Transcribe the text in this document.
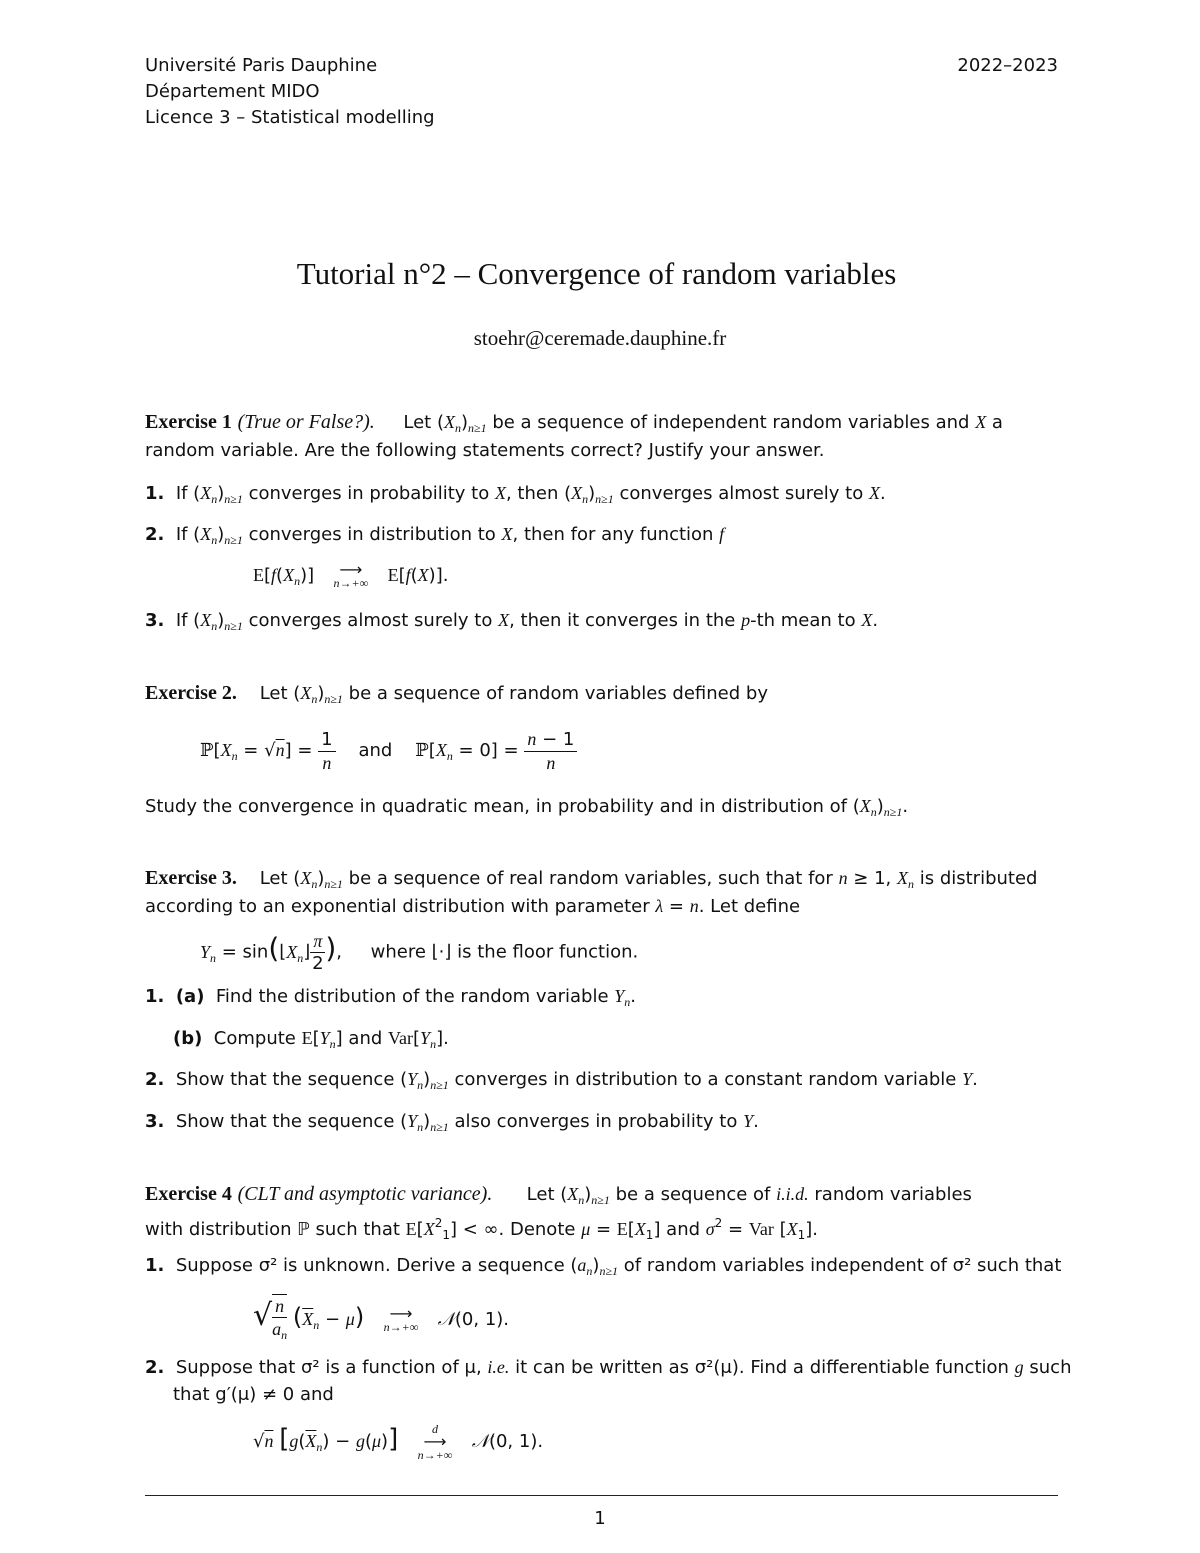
Université Paris Dauphine
Département MIDO
Licence 3 – Statistical modelling
2022–2023
Tutorial n°2 – Convergence of random variables
stoehr@ceremade.dauphine.fr
Exercise 1 (True or False?).     Let $(X_n)_{n\ge 1}$ be a sequence of independent random variables and X a
random variable. Are the following statements correct? Justify your answer.
1.  If $(X_n)_{n\ge 1}$ converges in probability to X, then $(X_n)_{n\ge 1}$ converges almost surely to X.
2.  If $(X_n)_{n\ge 1}$ converges in distribution to X, then for any function f
$E[f(X_n)]$	⟶
n→+∞	E[f(X)].
3.  If $(X_n)_{n\ge 1}$ converges almost surely to X, then it converges in the p-th mean to X.
Exercise 2.    Let $(X_n)_{n\ge 1}$ be a sequence of random variables defined by
$ℙ[X_n = √n] = \frac{1}{n}$ and $ℙ[X_n = 0] = \frac{n - 1}{n}$
Study the convergence in quadratic mean, in probability and in distribution of $(X_n)_{n\ge 1}$.
Exercise 3.    Let $(X_n)_{n\ge 1}$ be a sequence of real random variables, such that for n ≥ 1, $X_n$ is distributed
according to an exponential distribution with parameter λ = n. Let define
$Y_n$ = $\sin(⌊X_n⌋ \frac{\pi}{2}$ ),     where ⌊·⌋ is the floor function.
1. (a) Find the distribution of the random variable $Y_n$.
(b) Compute $E[Y_n]$ and $Var[Y_n]$.
2. Show that the sequence $(Y_n)_{n\ge 1}$ converges in distribution to a constant random variable Y.
3. Show that the sequence $(Y_n)_{n\ge 1}$ also converges in probability to Y.
Exercise 4 (CLT and asymptotic variance).      Let $(X_n)_{n\ge 1}$ be a sequence of i.i.d. random variables
with distribution ℙ such that $E[X^2_1]$ < ∞. Denote $\mu = E[X_1]$ and $\sigma^2$ = Var $[X_1]$.
1. Suppose σ² is unknown. Derive a sequence $(a_n)_{n\ge 1}$ of random variables independent of σ² such that
√ $\frac{n}{a_n} (\overline{X}_n - \mu)$	⟶
n→+∞	𝒩(0, 1).
2. Suppose that σ² is a function of μ, i.e. it can be written as σ²(μ). Find a differentiable function g such
that g′(μ) ≠ 0 and
√n $[g(\overline{X}_n) - g(\mu)]$	d
⟶
n→+∞
𝒩(0, 1).
1
